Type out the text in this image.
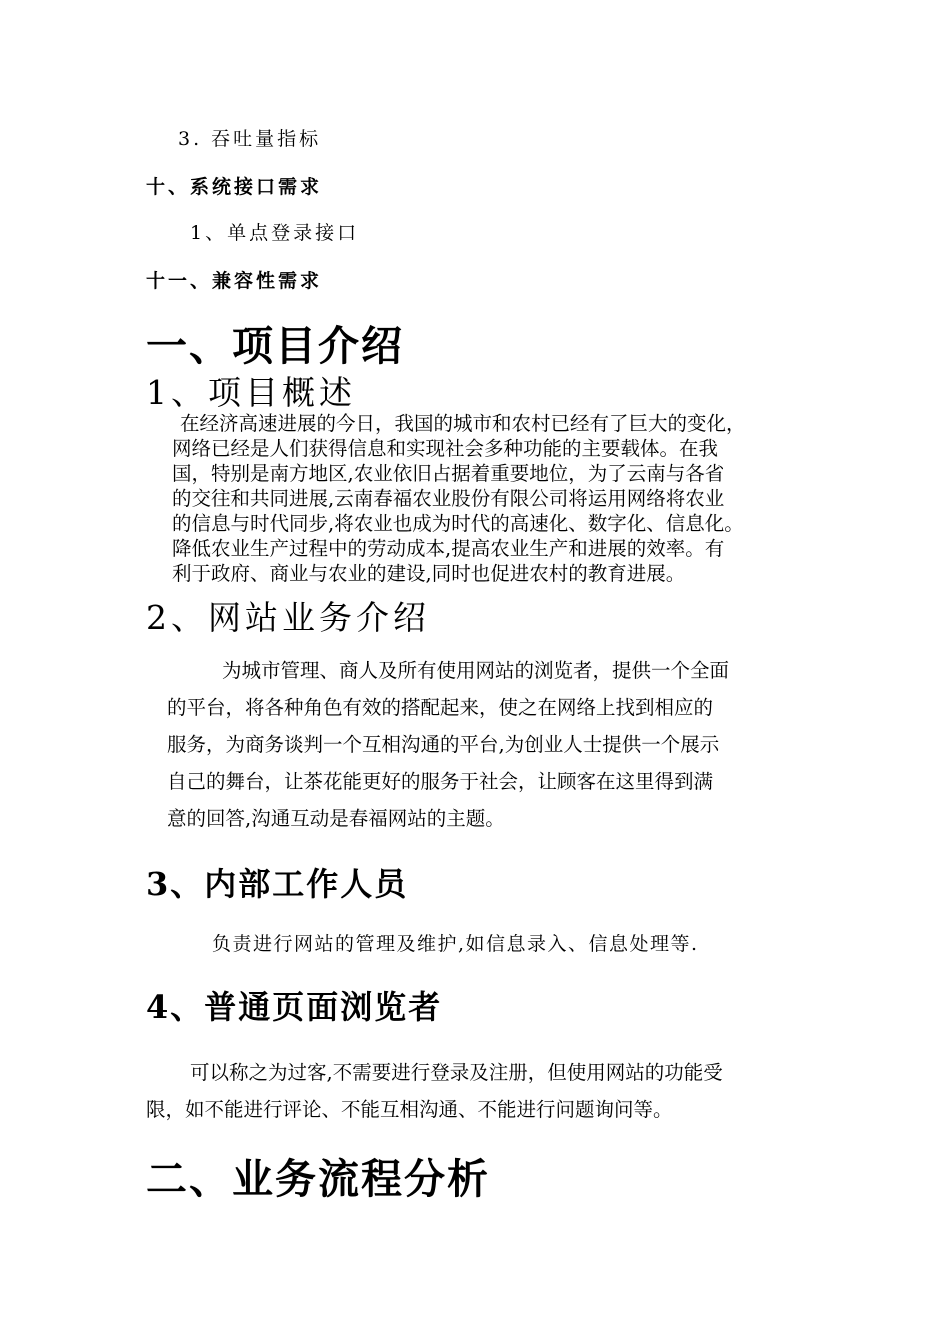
3. 吞吐量指标

十、系统接口需求

1、单点登录接口

十一、兼容性需求

一、项目介绍
1、项目概述
在经济高速进展的今日，我国的城市和农村已经有了巨大的变化，
网络已经是人们获得信息和实现社会多种功能的主要载体。在我
国，特别是南方地区,农业依旧占据着重要地位，为了云南与各省
的交往和共同进展,云南春福农业股份有限公司将运用网络将农业
的信息与时代同步,将农业也成为时代的高速化、数字化、信息化。
降低农业生产过程中的劳动成本,提高农业生产和进展的效率。有
利于政府、商业与农业的建设,同时也促进农村的教育进展。
2、网站业务介绍
为城市管理、商人及所有使用网站的浏览者，提供一个全面
的平台，将各种角色有效的搭配起来，使之在网络上找到相应的
服务，为商务谈判一个互相沟通的平台,为创业人士提供一个展示
自己的舞台，让茶花能更好的服务于社会，让顾客在这里得到满
意的回答,沟通互动是春福网站的主题。
3、内部工作人员

负责进行网站的管理及维护,如信息录入、信息处理等.

4、普通页面浏览者
可以称之为过客,不需要进行登录及注册，但使用网站的功能受
限，如不能进行评论、不能互相沟通、不能进行问题询问等。
二、业务流程分析
